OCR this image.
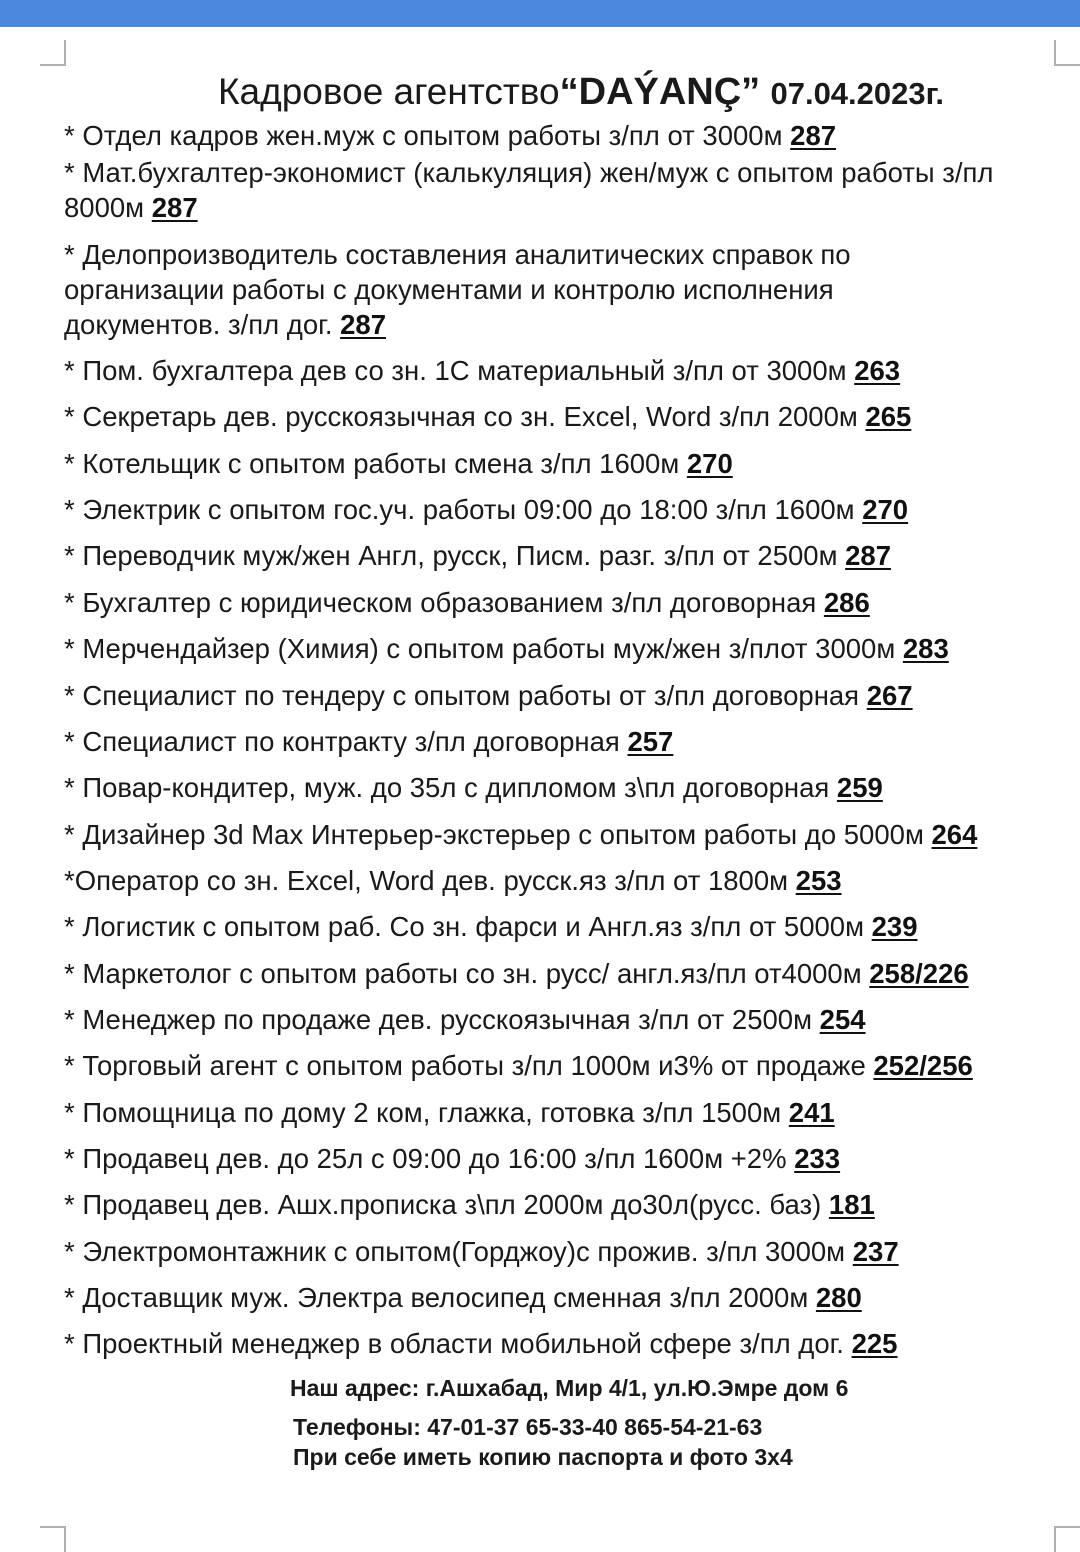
Кадровое агентство“DAÝANÇ” 07.04.2023г.
* Отдел кадров жен.муж с опытом работы з/пл от 3000м 287
* Мат.бухгалтер-экономист (калькуляция) жен/муж с опытом работы з/пл 8000м 287
* Делопроизводитель составления аналитических справок по организации работы с документами и контролю исполнения документов. з/пл дог. 287
* Пом. бухгалтера дев со зн. 1С материальный з/пл от 3000м 263
* Секретарь дев. русскоязычная со зн. Excel, Word з/пл 2000м 265
* Котельщик с опытом работы смена з/пл 1600м 270
* Электрик с опытом гос.уч. работы 09:00 до 18:00 з/пл 1600м 270
* Переводчик муж/жен Англ, русск, Писм. разг. з/пл от 2500м 287
* Бухгалтер с юридическом образованием з/пл договорная 286
* Мерчендайзер (Химия) с опытом работы муж/жен з/плот 3000м 283
* Специалист по тендеру с опытом работы от з/пл договорная 267
* Специалист по контракту з/пл договорная 257
* Повар-кондитер, муж. до 35л с дипломом з\пл договорная 259
* Дизайнер 3d Max Интерьер-экстерьер с опытом работы до 5000м 264
*Оператор со зн. Excel, Word дев. русск.яз з/пл от 1800м 253
* Логистик с опытом раб. Со зн. фарси и Англ.яз з/пл от 5000м 239
* Маркетолог с опытом работы со зн. русс/ англ.яз/пл от4000м 258/226
* Менеджер по продаже дев. русскоязычная з/пл от 2500м 254
* Торговый агент с опытом работы з/пл 1000м и3% от продаже 252/256
* Помощница по дому 2 ком, глажка, готовка з/пл 1500м 241
* Продавец дев. до 25л с 09:00 до 16:00 з/пл 1600м +2% 233
* Продавец дев. Ашх.прописка з\пл 2000м до30л(русс. баз) 181
* Электромонтажник с опытом(Горджоу)с прожив. з/пл 3000м 237
* Доставщик муж. Электра велосипед сменная з/пл 2000м 280
* Проектный менеджер в области мобильной сфере з/пл дог. 225
Наш адрес: г.Ашхабад, Мир 4/1, ул.Ю.Эмре дом 6
Телефоны: 47-01-37 65-33-40 865-54-21-63
При себе иметь копию паспорта и фото 3х4
